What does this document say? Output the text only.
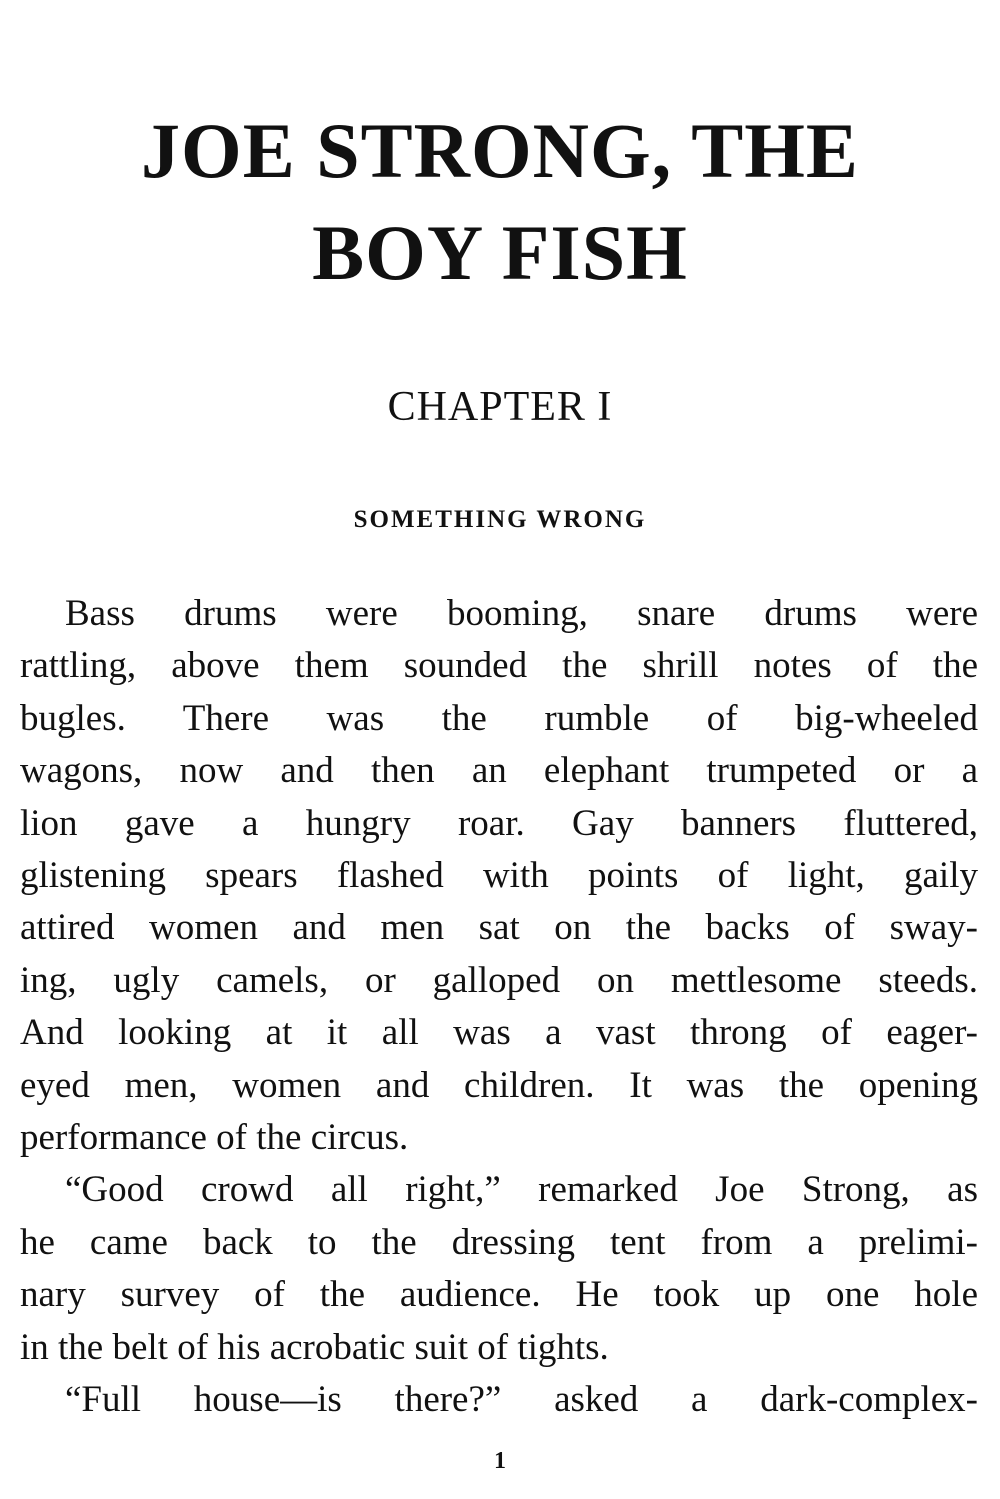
JOE STRONG, THE
BOY FISH
CHAPTER I
SOMETHING WRONG

Bass drums were booming, snare drums were
rattling, above them sounded the shrill notes of the
bugles. There was the rumble of big-wheeled
wagons, now and then an elephant trumpeted or a
lion gave a hungry roar. Gay banners fluttered,
glistening spears flashed with points of light, gaily
attired women and men sat on the backs of sway-
ing, ugly camels, or galloped on mettlesome steeds.
And looking at it all was a vast throng of eager-
eyed men, women and children. It was the opening
performance of the circus.

“Good crowd all right,” remarked Joe Strong, as
he came back to the dressing tent from a prelimi-
nary survey of the audience. He took up one hole
in the belt of his acrobatic suit of tights.

“Full house—is there?” asked a dark-complex-

1
